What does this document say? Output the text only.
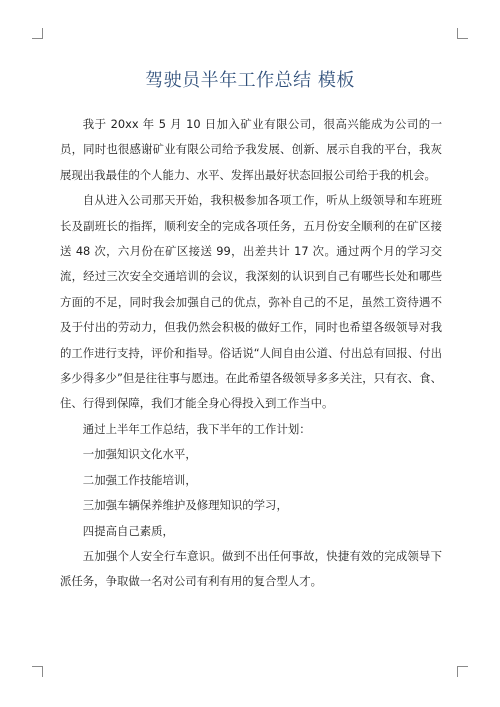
驾驶员半年工作总结 模板

我于 20xx 年 5 月 10 日加入矿业有限公司，很高兴能成为公司的一员，同时也很感谢矿业有限公司给予我发展、创新、展示自我的平台，我灰展现出我最佳的个人能力、水平、发挥出最好状态回报公司给于我的机会。

自从进入公司那天开始，我积极参加各项工作，听从上级领导和车班班长及副班长的指挥，顺利安全的完成各项任务，五月份安全顺利的在矿区接送 48 次，六月份在矿区接送 99，出差共计 17 次。通过两个月的学习交流，经过三次安全交通培训的会议，我深刻的认识到自己有哪些长处和哪些方面的不足，同时我会加强自己的优点，弥补自己的不足，虽然工资待遇不及于付出的劳动力，但我仍然会积极的做好工作，同时也希望各级领导对我的工作进行支持，评价和指导。俗话说“人间自由公道、付出总有回报、付出多少得多少”但是往往事与愿违。在此希望各级领导多多关注，只有衣、食、住、行得到保障，我们才能全身心得投入到工作当中。

通过上半年工作总结，我下半年的工作计划：

一加强知识文化水平，

二加强工作技能培训，

三加强车辆保养维护及修理知识的学习，

四提高自己素质，

五加强个人安全行车意识。做到不出任何事故，快捷有效的完成领导下派任务，争取做一名对公司有利有用的复合型人才。
